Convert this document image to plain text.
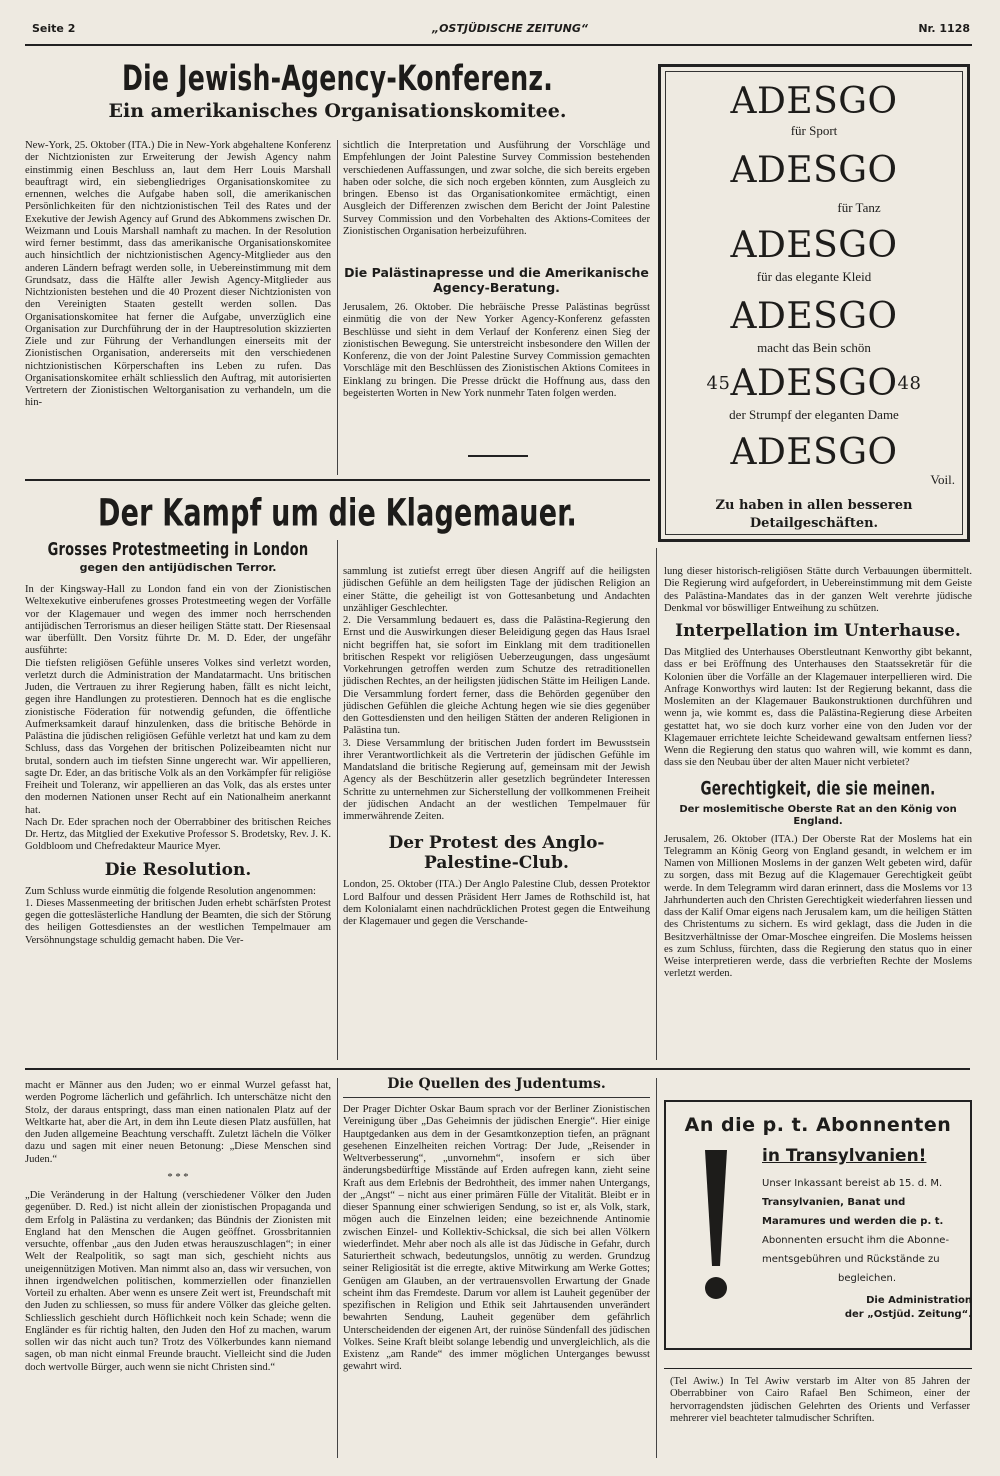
Seite 2	„OSTJÜDISCHE ZEITUNG“	Nr. 1128
Die Jewish-Agency-Konferenz.
Ein amerikanisches Organisationskomitee.

New-York, 25. Oktober (ITA.) Die in New-York abgehaltene Konferenz der Nichtzionisten zur Erweiterung der Jewish Agency nahm einstimmig einen Beschluss an, laut dem Herr Louis Marshall beauftragt wird, ein siebengliedriges Organisationskomitee zu ernennen, welches die Aufgabe haben soll, die amerikanischen Persönlichkeiten für den nichtzionistischen Teil des Rates und der Exekutive der Jewish Agency auf Grund des Abkommens zwischen Dr. Weizmann und Louis Marshall namhaft zu machen. In der Resolution wird ferner bestimmt, dass das amerikanische Organisationskomitee auch hinsichtlich der nichtzionistischen Agency-Mitglieder aus den anderen Ländern befragt werden solle, in Uebereinstimmung mit dem Grundsatz, dass die Hälfte aller Jewish Agency-Mitglieder aus Nichtzionisten bestehen und die 40 Prozent dieser Nichtzionisten von den Vereinigten Staaten gestellt werden sollen. Das Organisationskomitee hat ferner die Aufgabe, unverzüglich eine Organisation zur Durchführung der in der Hauptresolution skizzierten Ziele und zur Führung der Verhandlungen einerseits mit der Zionistischen Organisation, andererseits mit den verschiedenen nichtzionistischen Körperschaften ins Leben zu rufen. Das Organisationskomitee erhält schliesslich den Auftrag, mit autorisierten Vertretern der Zionistischen Weltorganisation zu verhandeln, um die hin-

sichtlich die Interpretation und Ausführung der Vorschläge und Empfehlungen der Joint Palestine Survey Commission bestehenden verschiedenen Auffassungen, und zwar solche, die sich bereits ergeben haben oder solche, die sich noch ergeben könnten, zum Ausgleich zu bringen. Ebenso ist das Organisationkomitee ermächtigt, einen Ausgleich der Differenzen zwischen dem Bericht der Joint Palestine Survey Commission und den Vorbehalten des Aktions-Comitees der Zionistischen Organisation herbeizuführen.

Die Palästinapresse und die Amerikanische Agency-Beratung.

Jerusalem, 26. Oktober. Die hebräische Presse Palästinas begrüsst einmütig die von der New Yorker Agency-Konferenz gefassten Beschlüsse und sieht in dem Verlauf der Konferenz einen Sieg der zionistischen Bewegung. Sie unterstreicht insbesondere den Willen der Konferenz, die von der Joint Palestine Survey Commission gemachten Vorschläge mit den Beschlüssen des Zionistischen Aktions Comitees in Einklang zu bringen. Die Presse drückt die Hoffnung aus, dass den begeisterten Worten in New York nunmehr Taten folgen werden.

ADESGO

für Sport

ADESGO

für Tanz

ADESGO

für das elegante Kleid

ADESGO

macht das Bein schön

$^{45}$ADESGO$^{48}$

der Strumpf der eleganten Dame

ADESGO

Voil.

Zu haben in allen besseren Detailgeschäften.

Der Kampf um die Klagemauer.
Grosses Protestmeeting in London
gegen den antijüdischen Terror.

In der Kingsway-Hall zu London fand ein von der Zionistischen Weltexekutive einberufenes grosses Protestmeeting wegen der Vorfälle vor der Klagemauer und wegen des immer noch herrschenden antijüdischen Terrorismus an dieser heiligen Stätte statt. Der Riesensaal war überfüllt. Den Vorsitz führte Dr. M. D. Eder, der ungefähr ausführte:
Die tiefsten religiösen Gefühle unseres Volkes sind verletzt worden, verletzt durch die Administration der Mandatarmacht. Uns britischen Juden, die Vertrauen zu ihrer Regierung haben, fällt es nicht leicht, gegen ihre Handlungen zu protestieren. Dennoch hat es die englische zionistische Föderation für notwendig gefunden, die öffentliche Aufmerksamkeit darauf hinzulenken, dass die britische Behörde in Palästina die jüdischen religiösen Gefühle verletzt hat und kam zu dem Schluss, dass das Vorgehen der britischen Polizeibeamten nicht nur brutal, sondern auch im tiefsten Sinne ungerecht war. Wir appellieren, sagte Dr. Eder, an das britische Volk als an den Vorkämpfer für religiöse Freiheit und Toleranz, wir appellieren an das Volk, das als erstes unter den modernen Nationen unser Recht auf ein Nationalheim anerkannt hat.
Nach Dr. Eder sprachen noch der Oberrabbiner des britischen Reiches Dr. Hertz, das Mitglied der Exekutive Professor S. Brodetsky, Rev. J. K. Goldbloom und Chefredakteur Maurice Myer.

Die Resolution.

Zum Schluss wurde einmütig die folgende Resolution angenommen:
1. Dieses Massenmeeting der britischen Juden erhebt schärfsten Protest gegen die gotteslästerliche Handlung der Beamten, die sich der Störung des heiligen Gottesdienstes an der westlichen Tempelmauer am Versöhnungstage schuldig gemacht haben. Die Ver-

sammlung ist zutiefst erregt über diesen Angriff auf die heiligsten jüdischen Gefühle an dem heiligsten Tage der jüdischen Religion an einer Stätte, die geheiligt ist von Gottesanbetung und Andachten unzähliger Geschlechter.
2. Die Versammlung bedauert es, dass die Palästina-Regierung den Ernst und die Auswirkungen dieser Beleidigung gegen das Haus Israel nicht begriffen hat, sie sofort im Einklang mit dem traditionellen britischen Respekt vor religiösen Ueberzeugungen, dass ungesäumt Vorkehrungen getroffen werden zum Schutze des retraditionellen jüdischen Rechtes, an der heiligsten jüdischen Stätte im Heiligen Lande. Die Versammlung fordert ferner, dass die Behörden gegenüber den jüdischen Gefühlen die gleiche Achtung hegen wie sie dies gegenüber den Gottesdiensten und den heiligen Stätten der anderen Religionen in Palästina tun.
3. Diese Versammlung der britischen Juden fordert im Bewusstsein ihrer Verantwortlichkeit als die Vertreterin der jüdischen Gefühle im Mandatsland die britische Regierung auf, gemeinsam mit der Jewish Agency als der Beschützerin aller gesetzlich begründeter Interessen Schritte zu unternehmen zur Sicherstellung der vollkommenen Freiheit der jüdischen Andacht an der westlichen Tempelmauer für immerwährende Zeiten.

Der Protest des Anglo-Palestine-Club.

London, 25. Oktober (ITA.) Der Anglo Palestine Club, dessen Protektor Lord Balfour und dessen Präsident Herr James de Rothschild ist, hat dem Kolonialamt einen nachdrücklichen Protest gegen die Entweihung der Klagemauer und gegen die Verschande-

lung dieser historisch-religiösen Stätte durch Verbauungen übermittelt. Die Regierung wird aufgefordert, in Uebereinstimmung mit dem Geiste des Palästina-Mandates das in der ganzen Welt verehrte jüdische Denkmal vor böswilliger Entweihung zu schützen.

Interpellation im Unterhause.

Das Mitglied des Unterhauses Oberstleutnant Kenworthy gibt bekannt, dass er bei Eröffnung des Unterhauses den Staatssekretär für die Kolonien über die Vorfälle an der Klagemauer interpellieren wird. Die Anfrage Konworthys wird lauten: Ist der Regierung bekannt, dass die Moslemiten an der Klagemauer Baukonstruktionen durchführen und wenn ja, wie kommt es, dass die Palästina-Regierung diese Arbeiten gestattet hat, wo sie doch kurz vorher eine von den Juden vor der Klagemauer errichtete leichte Scheidewand gewaltsam entfernen liess? Wenn die Regierung den status quo wahren will, wie kommt es dann, dass sie den Neubau über der alten Mauer nicht verbietet?

Gerechtigkeit, die sie meinen.
Der moslemitische Oberste Rat an den König von England.

Jerusalem, 26. Oktober (ITA.) Der Oberste Rat der Moslems hat ein Telegramm an König Georg von England gesandt, in welchem er im Namen von Millionen Moslems in der ganzen Welt gebeten wird, dafür zu sorgen, dass mit Bezug auf die Klagemauer Gerechtigkeit geübt werde. In dem Telegramm wird daran erinnert, dass die Moslems vor 13 Jahrhunderten auch den Christen Gerechtigkeit wiederfahren liessen und dass der Kalif Omar eigens nach Jerusalem kam, um die heiligen Stätten des Christentums zu sichern. Es wird geklagt, dass die Juden in die Besitzverhältnisse der Omar-Moschee eingreifen. Die Moslems heissen es zum Schluss, fürchten, dass die Regierung den status quo in einer Weise interpretieren werde, dass die verbrieften Rechte der Moslems verletzt werden.

macht er Männer aus den Juden; wo er einmal Wurzel gefasst hat, werden Pogrome lächerlich und gefährlich. Ich unterschätze nicht den Stolz, der daraus entspringt, dass man einen nationalen Platz auf der Weltkarte hat, aber die Art, in dem ihn Leute diesen Platz ausfüllen, hat den Juden allgemeine Beachtung verschafft. Zuletzt lächeln die Völker dazu und sagen mit einer neuen Betonung: „Diese Menschen sind Juden.“

* * *

„Die Veränderung in der Haltung (verschiedener Völker den Juden gegenüber. D. Red.) ist nicht allein der zionistischen Propaganda und dem Erfolg in Palästina zu verdanken; das Bündnis der Zionisten mit England hat den Menschen die Augen geöffnet. Grossbritannien versuchte, offenbar „aus den Juden etwas herauszuschlagen“; in einer Welt der Realpolitik, so sagt man sich, geschieht nichts aus uneigennützigen Motiven. Man nimmt also an, dass wir versuchen, von ihnen irgendwelchen politischen, kommerziellen oder finanziellen Vorteil zu erhalten. Aber wenn es unsere Zeit wert ist, Freundschaft mit den Juden zu schliessen, so muss für andere Völker das gleiche gelten. Schliesslich geschieht durch Höflichkeit noch kein Schade; wenn die Engländer es für richtig halten, den Juden den Hof zu machen, warum sollen wir das nicht auch tun? Trotz des Völkerbundes kann niemand sagen, ob man nicht einmal Freunde braucht. Vielleicht sind die Juden doch wertvolle Bürger, auch wenn sie nicht Christen sind.“

Die Quellen des Judentums.

Der Prager Dichter Oskar Baum sprach vor der Berliner Zionistischen Vereinigung über „Das Geheimnis der jüdischen Energie“. Hier einige Hauptgedanken aus dem in der Gesamtkonzeption tiefen, an prägnant gesehenen Einzelheiten reichen Vortrag: Der Jude, „Reisender in Weltverbesserung“, „unvornehm“, insofern er sich über änderungsbedürftige Misstände auf Erden aufregen kann, zieht seine Kraft aus dem Erlebnis der Bedrohtheit, des immer nahen Untergangs, der „Angst“ – nicht aus einer primären Fülle der Vitalität. Bleibt er in dieser Spannung einer schwierigen Sendung, so ist er, als Volk, stark, mögen auch die Einzelnen leiden; eine bezeichnende Antinomie zwischen Einzel- und Kollektiv-Schicksal, die sich bei allen Völkern wiederfindet. Mehr aber noch als alle ist das Jüdische in Gefahr, durch Saturiertheit schwach, bedeutungslos, unnötig zu werden. Grundzug seiner Religiosität ist die erregte, aktive Mitwirkung am Werke Gottes; Genügen am Glauben, an der vertrauensvollen Erwartung der Gnade scheint ihm das Fremdeste. Darum vor allem ist Lauheit gegenüber der spezifischen in Religion und Ethik seit Jahrtausenden unverändert bewahrten Sendung, Lauheit gegenüber dem gefährlich Unterscheidenden der eigenen Art, der ruinöse Sündenfall des jüdischen Volkes. Seine Kraft bleibt solange lebendig und unvergleichlich, als die Existenz „am Rande“ des immer möglichen Unterganges bewusst gewahrt wird.

An die p. t. Abonnenten
in Transylvanien!

Unser Inkassant bereist ab 15. d. M.

Transylvanien, Banat und

Maramures und werden die p. t.

Abonnenten ersucht ihm die Abonne-

mentsgebühren und Rückstände zu

begleichen.

Die Administration

der „Ostjüd. Zeitung“.

(Tel Awiw.) In Tel Awiw verstarb im Alter von 85 Jahren der Oberrabbiner von Cairo Rafael Ben Schimeon, einer der hervorragendsten jüdischen Gelehrten des Orients und Verfasser mehrerer viel beachteter talmudischer Schriften.
